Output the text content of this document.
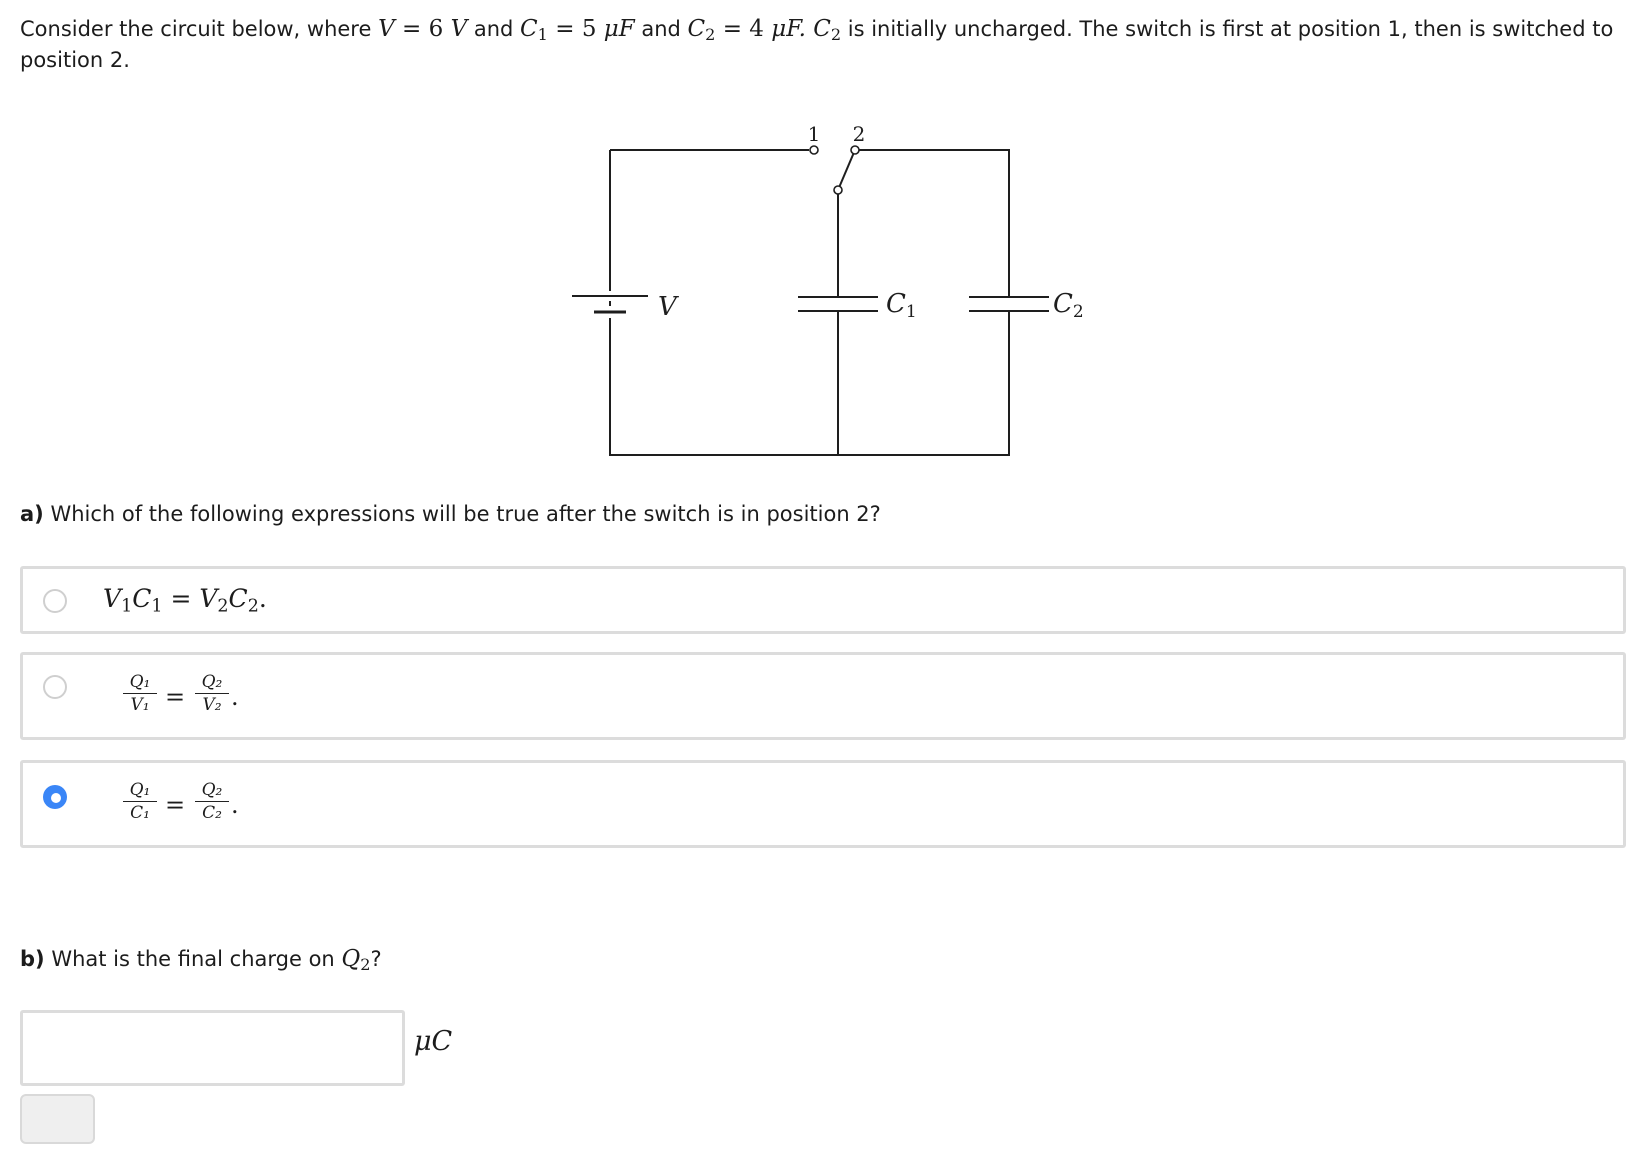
Consider the circuit below, where V = 6 V and $C_1 = 5$ μF and $C_2 = 4$ μF. $C_2$ is initially uncharged. The switch is first at position 1, then is switched to position 2.
1 2
V	C1	C2
a) Which of the following expressions will be true after the switch is in position 2?
$V_1C_1 = V_2C_2$.
$\frac{\text{Q₁}}{\text{V₁}} = \frac{\text{Q₂}}{\text{V₂}}$ .
$\frac{\text{Q₁}}{\text{C₁}} = \frac{\text{Q₂}}{\text{C₂}}$ .
b) What is the final charge on $Q_2$?
μC
